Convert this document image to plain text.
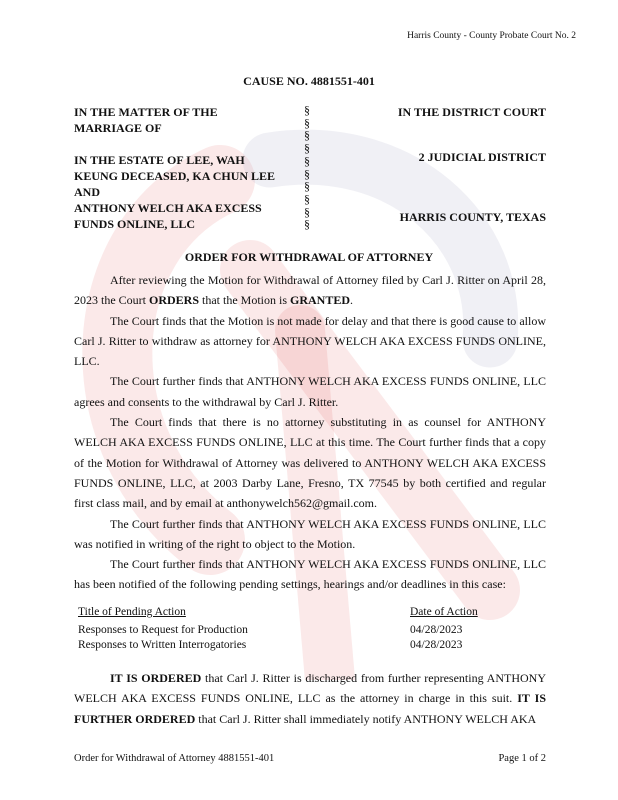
Harris County - County Probate Court No. 2
CAUSE NO. 4881551-401
IN THE MATTER OF THE
MARRIAGE OF
IN THE ESTATE OF LEE, WAH
KEUNG DECEASED, KA CHUN LEE
AND
ANTHONY WELCH AKA EXCESS
FUNDS ONLINE, LLC
§
§
§
§
§
§
§
§
§
§
IN THE DISTRICT COURT
2 JUDICIAL DISTRICT
HARRIS COUNTY, TEXAS
ORDER FOR WITHDRAWAL OF ATTORNEY

After reviewing the Motion for Withdrawal of Attorney filed by Carl J. Ritter on April 28, 2023 the Court ORDERS that the Motion is GRANTED.

The Court finds that the Motion is not made for delay and that there is good cause to allow Carl J. Ritter to withdraw as attorney for ANTHONY WELCH AKA EXCESS FUNDS ONLINE, LLC.

The Court further finds that ANTHONY WELCH AKA EXCESS FUNDS ONLINE, LLC agrees and consents to the withdrawal by Carl J. Ritter.

The Court finds that there is no attorney substituting in as counsel for ANTHONY WELCH AKA EXCESS FUNDS ONLINE, LLC at this time. The Court further finds that a copy of the Motion for Withdrawal of Attorney was delivered to ANTHONY WELCH AKA EXCESS FUNDS ONLINE, LLC, at 2003 Darby Lane, Fresno, TX 77545 by both certified and regular first class mail, and by email at anthonywelch562@gmail.com.

The Court further finds that ANTHONY WELCH AKA EXCESS FUNDS ONLINE, LLC was notified in writing of the right to object to the Motion.

The Court further finds that ANTHONY WELCH AKA EXCESS FUNDS ONLINE, LLC has been notified of the following pending settings, hearings and/or deadlines in this case:

Title of Pending Action	Date of Action
Responses to Request for Production	04/28/2023
Responses to Written Interrogatories	04/28/2023

IT IS ORDERED that Carl J. Ritter is discharged from further representing ANTHONY WELCH AKA EXCESS FUNDS ONLINE, LLC as the attorney in charge in this suit. IT IS FURTHER ORDERED that Carl J. Ritter shall immediately notify ANTHONY WELCH AKA

Order for Withdrawal of Attorney 4881551-401	Page 1 of 2
